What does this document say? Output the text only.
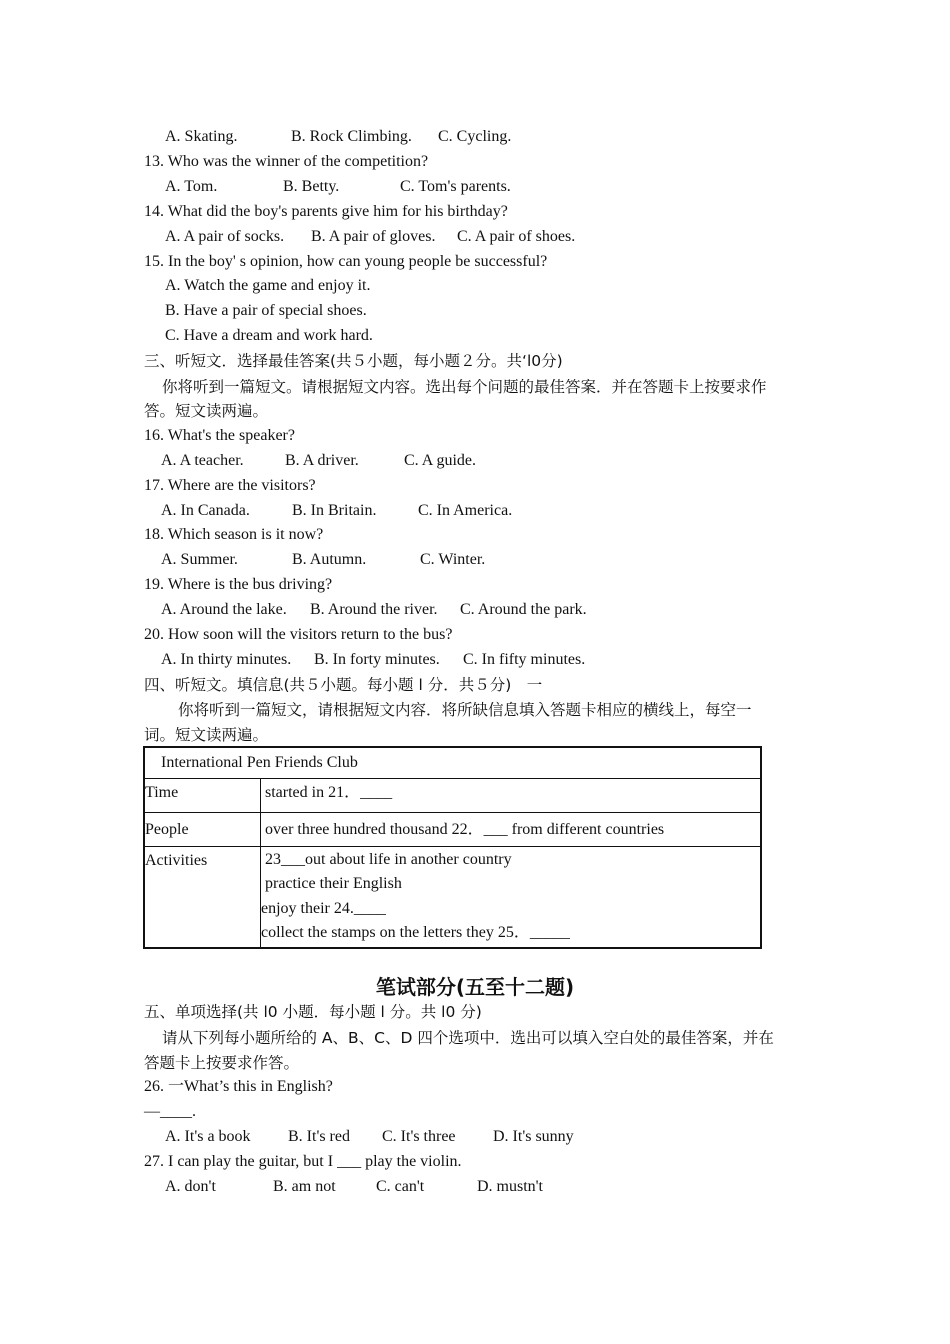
A. Skating.	B. Rock Climbing. C. Cycling.
13. Who was the winner of the competition?
A. Tom.	B. Betty.	C. Tom's parents.
14. What did the boy's parents give him for his birthday?
A. A pair of socks. B. A pair of gloves. C. A pair of shoes.
15. In the boy' s opinion, how can young people be successful?
A. Watch the game and enjoy it.
B. Have a pair of special shoes.
C. Have a dream and work hard.
三、听短文．选择最佳答案(共５小题，每小题２分。共‘l0分)
你将听到一篇短文。请根据短文内容。选出每个问题的最佳答案．并在答题卡上按要求作
答。短文读两遍。
16. What's the speaker?
A. A teacher.	B. A driver.	C. A guide.
17. Where are the visitors?
A. In Canada.	B. In Britain.	C. In America.
18. Which season is it now?
A. Summer.	B. Autumn.	C. Winter.
19. Where is the bus driving?
A. Around the lake. B. Around the river. C. Around the park.
20. How soon will the visitors return to the bus?
A. In thirty minutes. B. In forty minutes. C. In fifty minutes.
四、听短文。填信息(共５小题。每小题 l 分．共５分)　一
你将听到一篇短文，请根据短文内容．将所缺信息填入答题卡相应的横线上，每空一
词。短文读两遍。
International Pen Friends Club	

Time	started in 21．____

People	over three hundred thousand 22．___ from different countries

Activities	23___out about life in another country
practice their English
enjoy their 24.____
collect the stamps on the letters they 25．_____
笔试部分(五至十二题)
五、单项选择(共 l0 小题．每小题 l 分。共 l0 分)
请从下列每小题所给的 A、B、C、D 四个选项中．选出可以填入空白处的最佳答案，并在
答题卡上按要求作答。
26. 一What’s this in English?
—____.
A. It's a book B. It's red C. It's three D. It's sunny
27. I can play the guitar, but I ___ play the violin.
A. don't	B. am not	C. can't	D. mustn't
